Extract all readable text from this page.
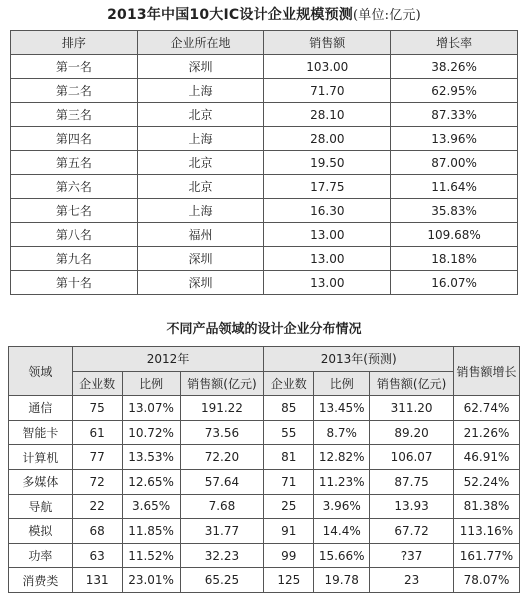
2013年中国10大IC设计企业规模预测(单位:亿元)
排序	企业所在地	销售额	增长率
第一名	深圳	103.00	38.26%
第二名	上海	71.70	62.95%
第三名	北京	28.10	87.33%
第四名	上海	28.00	13.96%
第五名	北京	19.50	87.00%
第六名	北京	17.75	11.64%
第七名	上海	16.30	35.83%
第八名	福州	13.00	109.68%
第九名	深圳	13.00	18.18%
第十名	深圳	13.00	16.07%
不同产品领域的设计企业分布情况
领域	2012年			2013年(预测)			销售额增长
	企业数	比例	销售额(亿元)	企业数	比例	销售额(亿元)	
通信	75	13.07%	191.22	85	13.45%	311.20	62.74%
智能卡	61	10.72%	73.56	55	8.7%	89.20	21.26%
计算机	77	13.53%	72.20	81	12.82%	106.07	46.91%
多媒体	72	12.65%	57.64	71	11.23%	87.75	52.24%
导航	22	3.65%	7.68	25	3.96%	13.93	81.38%
模拟	68	11.85%	31.77	91	14.4%	67.72	113.16%
功率	63	11.52%	32.23	99	15.66%	?37	161.77%
消费类	131	23.01%	65.25	125	19.78	23	78.07%
